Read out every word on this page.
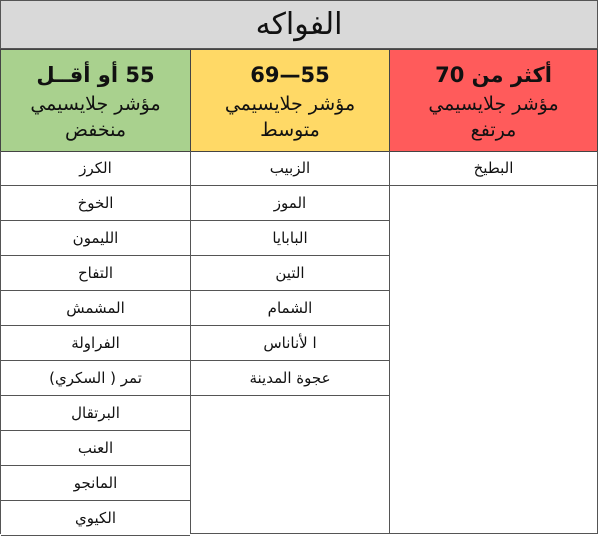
الفواكه
أكثر من 70
مؤشر جلايسيمي
مرتفع
55—69
مؤشر جلايسيمي
متوسط
55 أو أقــل
مؤشر جلايسيمي
منخفض
البطيخ
الزبيب
الموز
البابايا
التين
الشمام
ا لأناناس
عجوة المدينة
الكرز
الخوخ
الليمون
التفاح
المشمش
الفراولة
تمر ( السكري)
البرتقال
العنب
المانجو
الكيوي
